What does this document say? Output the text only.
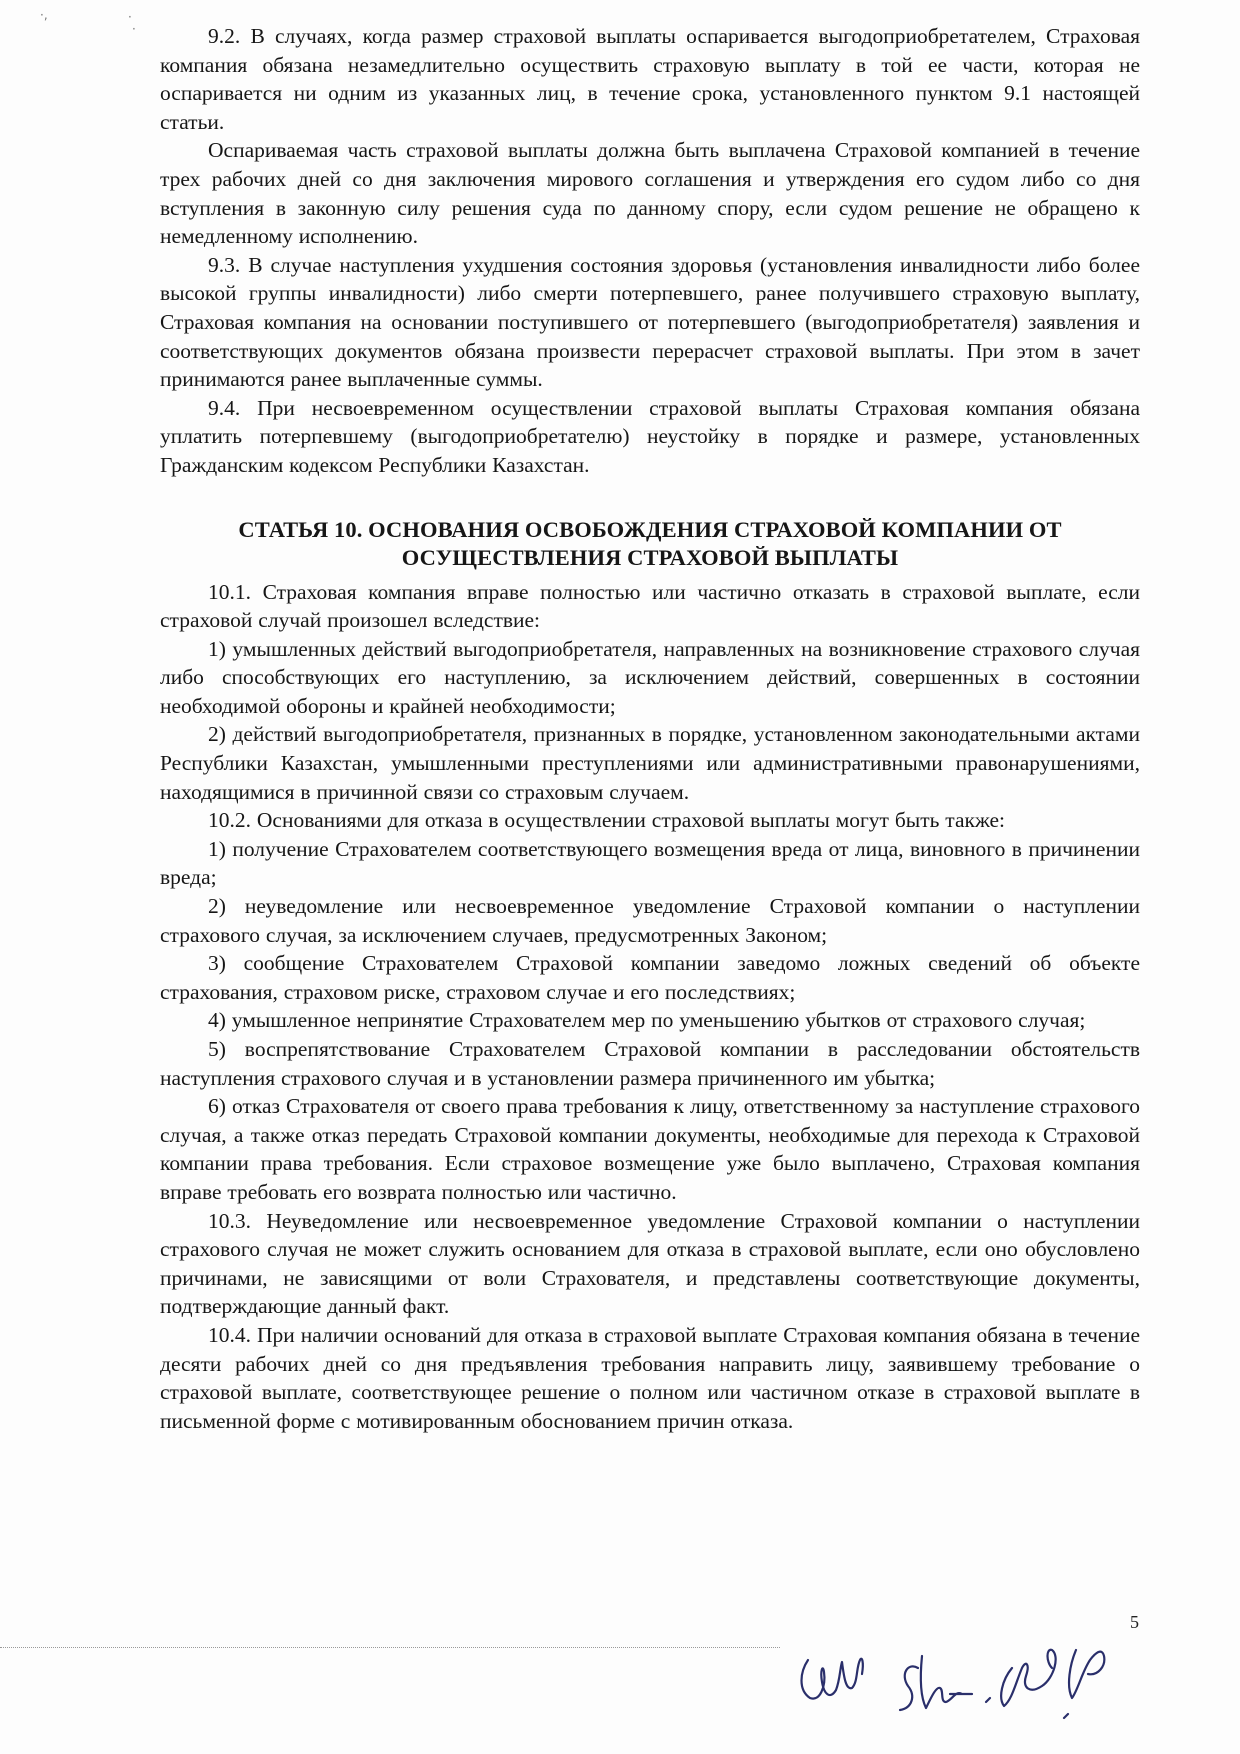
·,	·
·	9.2. В случаях, когда размер страховой выплаты оспаривается выгодоприобретателем, Страховая компания обязана незамедлительно осуществить страховую выплату в той ее части, которая не оспаривается ни одним из указанных лиц, в течение срока, установленного пунктом 9.1 настоящей статьи.

Оспариваемая часть страховой выплаты должна быть выплачена Страховой компанией в течение трех рабочих дней со дня заключения мирового соглашения и утверждения его судом либо со дня вступления в законную силу решения суда по данному спору, если судом решение не обращено к немедленному исполнению.

9.3. В случае наступления ухудшения состояния здоровья (установления инвалидности либо более высокой группы инвалидности) либо смерти потерпевшего, ранее получившего страховую выплату, Страховая компания на основании поступившего от потерпевшего (выгодоприобретателя) заявления и соответствующих документов обязана произвести перерасчет страховой выплаты. При этом в зачет принимаются ранее выплаченные суммы.

9.4. При несвоевременном осуществлении страховой выплаты Страховая компания обязана уплатить потерпевшему (выгодоприобретателю) неустойку в порядке и размере, установленных Гражданским кодексом Республики Казахстан.

СТАТЬЯ 10. ОСНОВАНИЯ ОСВОБОЖДЕНИЯ СТРАХОВОЙ КОМПАНИИ ОТ
ОСУЩЕСТВЛЕНИЯ СТРАХОВОЙ ВЫПЛАТЫ

10.1. Страховая компания вправе полностью или частично отказать в страховой выплате, если страховой случай произошел вследствие:

1) умышленных действий выгодоприобретателя, направленных на возникновение страхового случая либо способствующих его наступлению, за исключением действий, совершенных в состоянии необходимой обороны и крайней необходимости;

2) действий выгодоприобретателя, признанных в порядке, установленном законодательными актами Республики Казахстан, умышленными преступлениями или административными правонарушениями, находящимися в причинной связи со страховым случаем.

10.2. Основаниями для отказа в осуществлении страховой выплаты могут быть также:

1) получение Страхователем соответствующего возмещения вреда от лица, виновного в причинении вреда;

2) неуведомление или несвоевременное уведомление Страховой компании о наступлении страхового случая, за исключением случаев, предусмотренных Законом;

3) сообщение Страхователем Страховой компании заведомо ложных сведений об объекте страхования, страховом риске, страховом случае и его последствиях;

4) умышленное непринятие Страхователем мер по уменьшению убытков от страхового случая;

5) воспрепятствование Страхователем Страховой компании в расследовании обстоятельств наступления страхового случая и в установлении размера причиненного им убытка;

6) отказ Страхователя от своего права требования к лицу, ответственному за наступление страхового случая, а также отказ передать Страховой компании документы, необходимые для перехода к Страховой компании права требования. Если страховое возмещение уже было выплачено, Страховая компания вправе требовать его возврата полностью или частично.

10.3. Неуведомление или несвоевременное уведомление Страховой компании о наступлении страхового случая не может служить основанием для отказа в страховой выплате, если оно обусловлено причинами, не зависящими от воли Страхователя, и представлены соответствующие документы, подтверждающие данный факт.

10.4. При наличии оснований для отказа в страховой выплате Страховая компания обязана в течение десяти рабочих дней со дня предъявления требования направить лицу, заявившему требование о страховой выплате, соответствующее решение о полном или частичном отказе в страховой выплате в письменной форме с мотивированным обоснованием причин отказа.

5
